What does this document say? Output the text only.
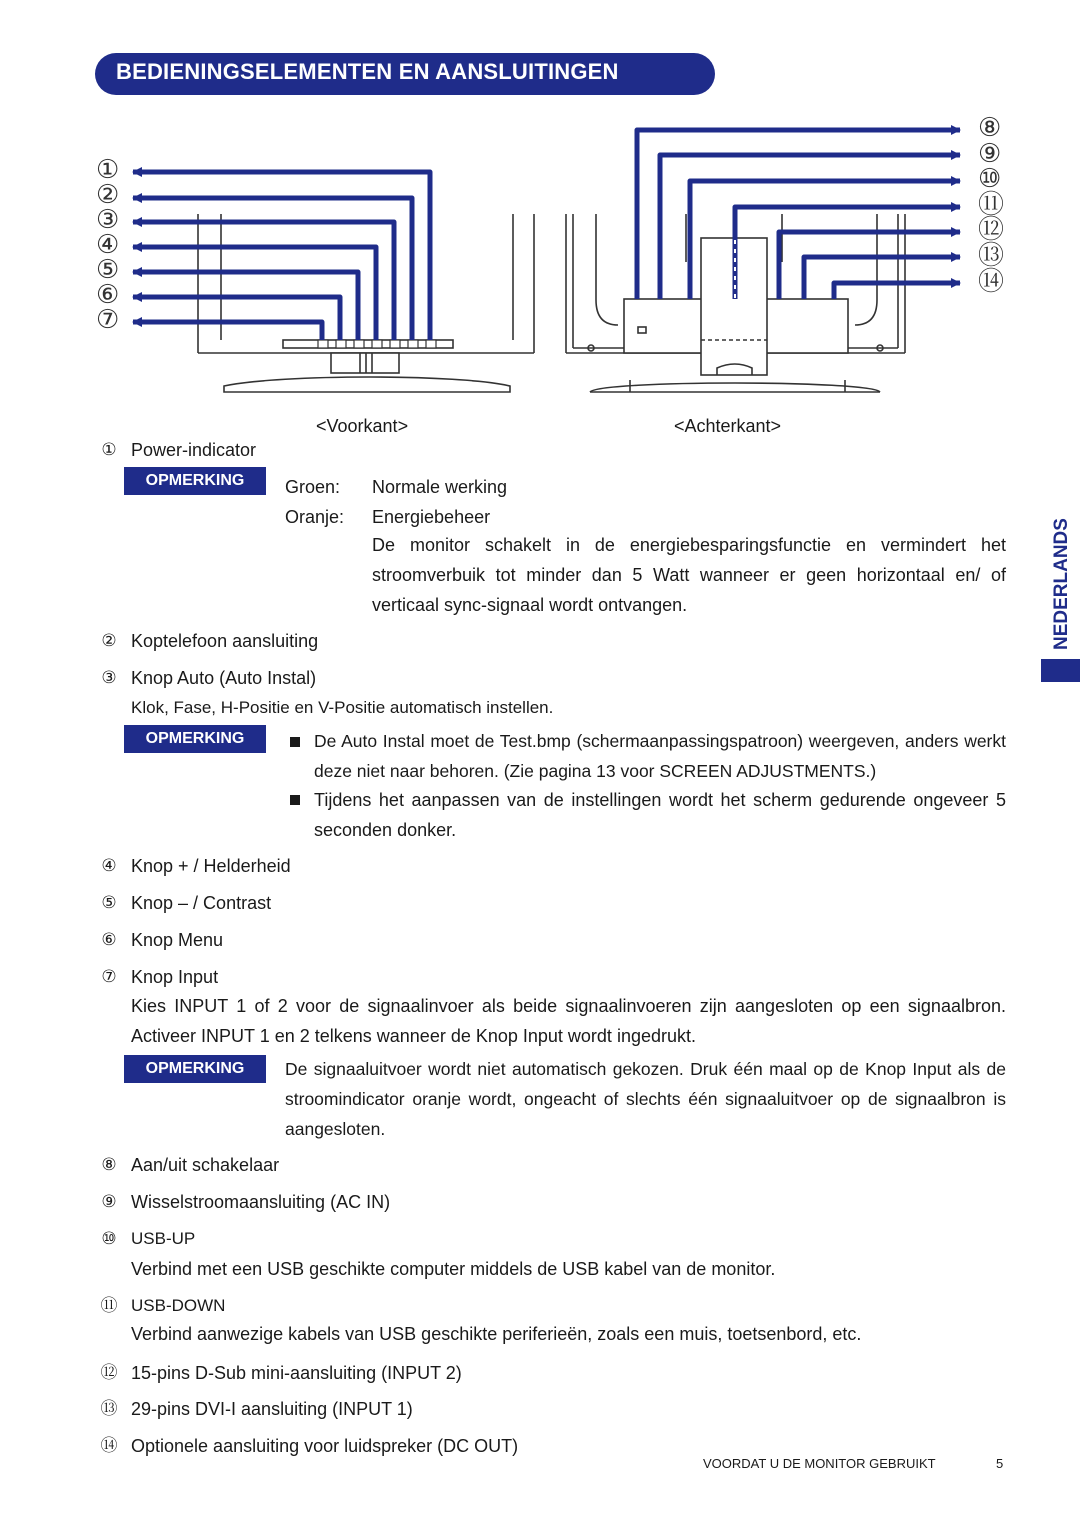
BEDIENINGSELEMENTEN EN AANSLUITINGEN
NEDERLANDS
①
②
③
④
⑤
⑥
⑦
⑧
⑨
⑩
⑪
⑫
⑬
⑭
<Voorkant>	<Achterkant>
① Power-indicator
OPMERKING	Groen: Normale werking
Oranje: Energiebeheer
De monitor schakelt in de energiebesparingsfunctie en vermindert het stroomverbuik tot minder dan 5 Watt wanneer er geen horizontaal en/ of verticaal sync-signaal wordt ontvangen.
② Koptelefoon aansluiting
③ Knop Auto (Auto Instal)
Klok, Fase, H-Positie en V-Positie automatisch instellen.
OPMERKING	De Auto Instal moet de Test.bmp (schermaanpassingspatroon) weergeven, anders werkt deze niet naar behoren. (Zie pagina 13 voor SCREEN ADJUSTMENTS.)
Tijdens het aanpassen van de instellingen wordt het scherm gedurende ongeveer 5 seconden donker.
④ Knop + / Helderheid
⑤ Knop – / Contrast
⑥ Knop Menu
⑦ Knop Input
Kies INPUT 1 of 2 voor de signaalinvoer als beide signaalinvoeren zijn aangesloten op een signaalbron. Activeer INPUT 1 en 2 telkens wanneer de Knop Input wordt ingedrukt.
OPMERKING	De signaaluitvoer wordt niet automatisch gekozen. Druk één maal op de Knop Input als de stroomindicator oranje wordt, ongeacht of slechts één signaaluitvoer op de signaalbron is aangesloten.
⑧ Aan/uit schakelaar
⑨ Wisselstroomaansluiting (AC IN)
⑩ USB-UP
Verbind met een USB geschikte computer middels de USB kabel van de monitor.
⑪ USB-DOWN
Verbind aanwezige kabels van USB geschikte periferieën, zoals een muis, toetsenbord, etc.
⑫ 15-pins D-Sub mini-aansluiting (INPUT 2)
⑬ 29-pins DVI-I aansluiting (INPUT 1)
⑭ Optionele aansluiting voor luidspreker (DC OUT)
VOORDAT U DE MONITOR GEBRUIKT	5
